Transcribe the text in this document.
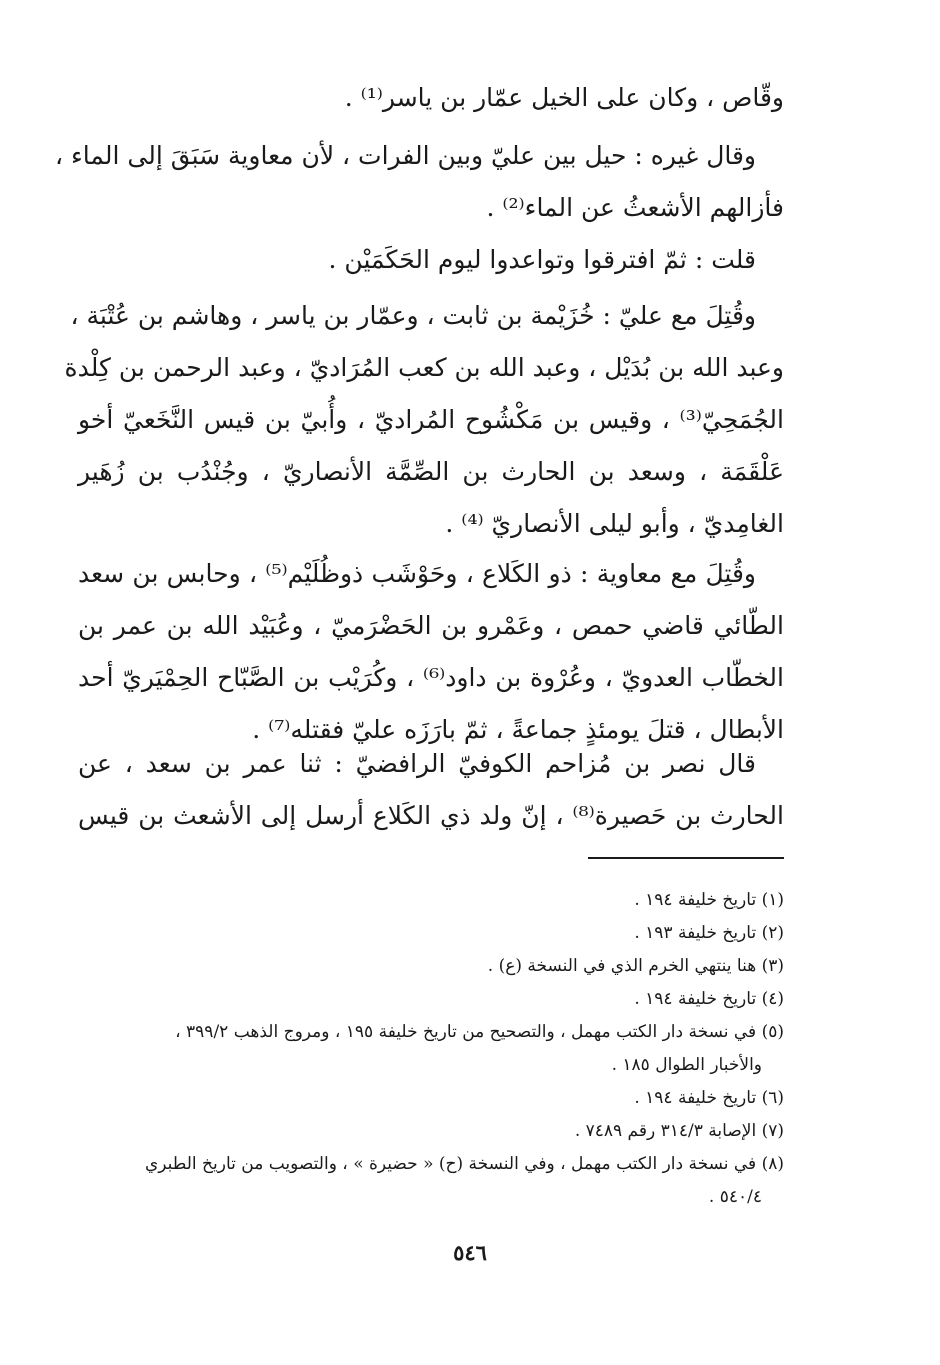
وقّاص ، وكان على الخيل عمّار بن ياسر⁽¹⁾ .
وقال غيره : حيل بين عليّ وبين الفرات ، لأن معاوية سَبَقَ إلى الماء ،
فأزالهم الأشعثُ عن الماء⁽²⁾ .
قلت : ثمّ افترقوا وتواعدوا ليوم الحَكَمَيْن .
وقُتِلَ مع عليّ : خُزَيْمة بن ثابت ، وعمّار بن ياسر ، وهاشم بن عُتْبَة ،
وعبد الله بن بُدَيْل ، وعبد الله بن كعب المُرَاديّ ، وعبد الرحمن بن كِلْدة
الجُمَحِيّ⁽³⁾ ، وقيس بن مَكْشُوح المُراديّ ، وأُبيّ بن قيس النَّخَعيّ أخو
عَلْقَمَة ، وسعد بن الحارث بن الصِّمَّة الأنصاريّ ، وجُنْدُب بن زُهَير
الغامِديّ ، وأبو ليلى الأنصاريّ ⁽⁴⁾ .
وقُتِلَ مع معاوية : ذو الكَلاع ، وحَوْشَب ذوظُلَيْم⁽⁵⁾ ، وحابس بن سعد
الطّائي قاضي حمص ، وعَمْرو بن الحَضْرَميّ ، وعُبَيْد الله بن عمر بن
الخطّاب العدويّ ، وعُرْوة بن داود⁽⁶⁾ ، وكُرَيْب بن الصَّبّاح الحِمْيَريّ أحد
الأبطال ، قتلَ يومئذٍ جماعةً ، ثمّ بارَزَه عليّ فقتله⁽⁷⁾ .
قال نصر بن مُزاحم الكوفيّ الرافضيّ : ثنا عمر بن سعد ، عن
الحارث بن حَصيرة⁽⁸⁾ ، إنّ ولد ذي الكَلاع أرسل إلى الأشعث بن قيس
(١) تاريخ خليفة ١٩٤ .
(٢) تاريخ خليفة ١٩٣ .
(٣) هنا ينتهي الخرم الذي في النسخة (ع) .
(٤) تاريخ خليفة ١٩٤ .
(٥) في نسخة دار الكتب مهمل ، والتصحيح من تاريخ خليفة ١٩٥ ، ومروج الذهب ٣٩٩/٢ ،
والأخبار الطوال ١٨٥ .
(٦) تاريخ خليفة ١٩٤ .
(٧) الإصابة ٣١٤/٣ رقم ٧٤٨٩ .
(٨) في نسخة دار الكتب مهمل ، وفي النسخة (ح) « حضيرة » ، والتصويب من تاريخ الطبري
٥٤٠/٤ .
٥٤٦
